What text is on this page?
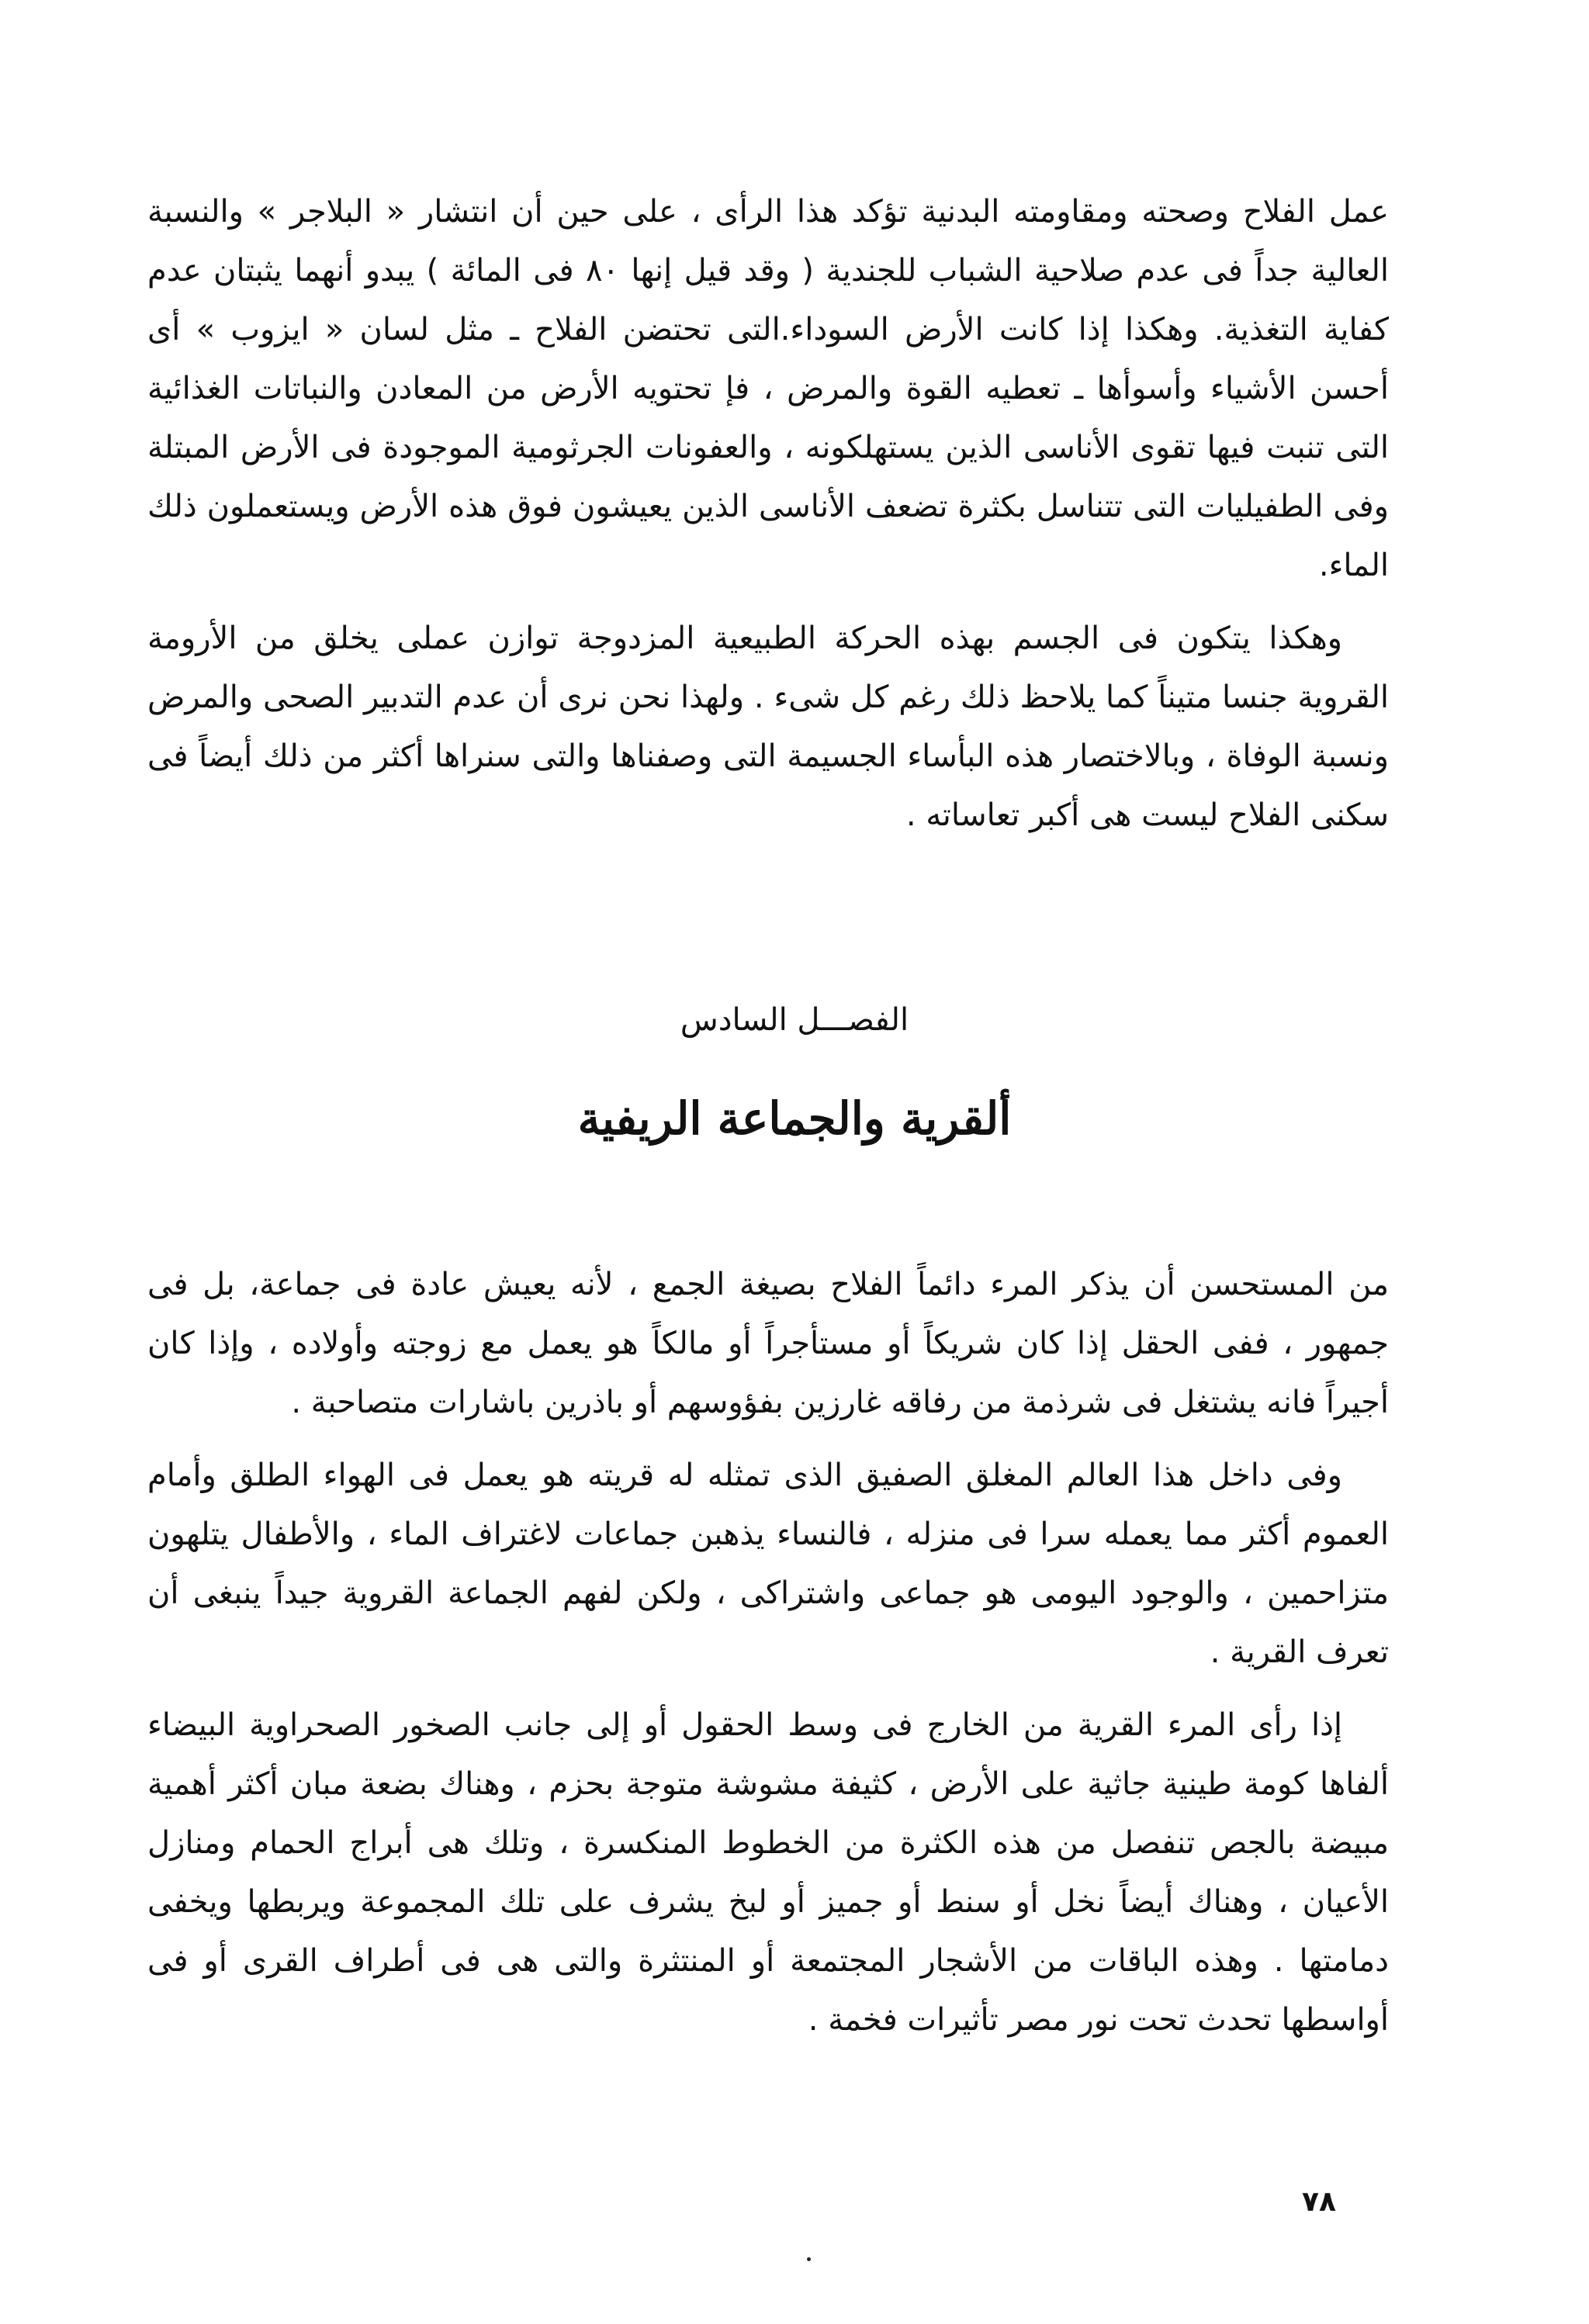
عمل الفلاح وصحته ومقاومته البدنية تؤكد هذا الرأى ، على حين أن انتشار « البلاجر » والنسبة العالية جداً فى عدم صلاحية الشباب للجندية ( وقد قيل إنها ٨٠ فى المائة ) يبدو أنهما يثبتان عدم كفاية التغذية. وهكذا إذا كانت الأرض السوداء.التى تحتضن الفلاح ـ مثل لسان « ايزوب » أى أحسن الأشياء وأسوأها ـ تعطيه القوة والمرض ، فإ تحتويه الأرض من المعادن والنباتات الغذائية التى تنبت فيها تقوى الأناسى الذين يستهلكونه ، والعفونات الجرثومية الموجودة فى الأرض المبتلة وفى الطفيليات التى تتناسل بكثرة تضعف الأناسى الذين يعيشون فوق هذه الأرض ويستعملون ذلك الماء.

وهكذا يتكون فى الجسم بهذه الحركة الطبيعية المزدوجة توازن عملى يخلق من الأرومة القروية جنسا متيناً كما يلاحظ ذلك رغم كل شىء . ولهذا نحن نرى أن عدم التدبير الصحى والمرض ونسبة الوفاة ، وبالاختصار هذه البأساء الجسيمة التى وصفناها والتى سنراها أكثر من ذلك أيضاً فى سكنى الفلاح ليست هى أكبر تعاساته .

الفصـــل السادس
ألقرية والجماعة الريفية

من المستحسن أن يذكر المرء دائماً الفلاح بصيغة الجمع ، لأنه يعيش عادة فى جماعة، بل فى جمهور ، ففى الحقل إذا كان شريكاً أو مستأجراً أو مالكاً هو يعمل مع زوجته وأولاده ، وإذا كان أجيراً فانه يشتغل فى شرذمة من رفاقه غارزين بفؤوسهم أو باذرين باشارات متصاحبة .

وفى داخل هذا العالم المغلق الصفيق الذى تمثله له قريته هو يعمل فى الهواء الطلق وأمام العموم أكثر مما يعمله سرا فى منزله ، فالنساء يذهبن جماعات لاغتراف الماء ، والأطفال يتلهون متزاحمين ، والوجود اليومى هو جماعى واشتراكى ، ولكن لفهم الجماعة القروية جيداً ينبغى أن تعرف القرية .

إذا رأى المرء القرية من الخارج فى وسط الحقول أو إلى جانب الصخور الصحراوية البيضاء ألفاها كومة طينية جاثية على الأرض ، كثيفة مشوشة متوجة بحزم ، وهناك بضعة مبان أكثر أهمية مبيضة بالجص تنفصل من هذه الكثرة من الخطوط المنكسرة ، وتلك هى أبراج الحمام ومنازل الأعيان ، وهناك أيضاً نخل أو سنط أو جميز أو لبخ يشرف على تلك المجموعة ويربطها ويخفى دمامتها . وهذه الباقات من الأشجار المجتمعة أو المنتثرة والتى هى فى أطراف القرى أو فى أواسطها تحدث تحت نور مصر تأثيرات فخمة .

٧٨
